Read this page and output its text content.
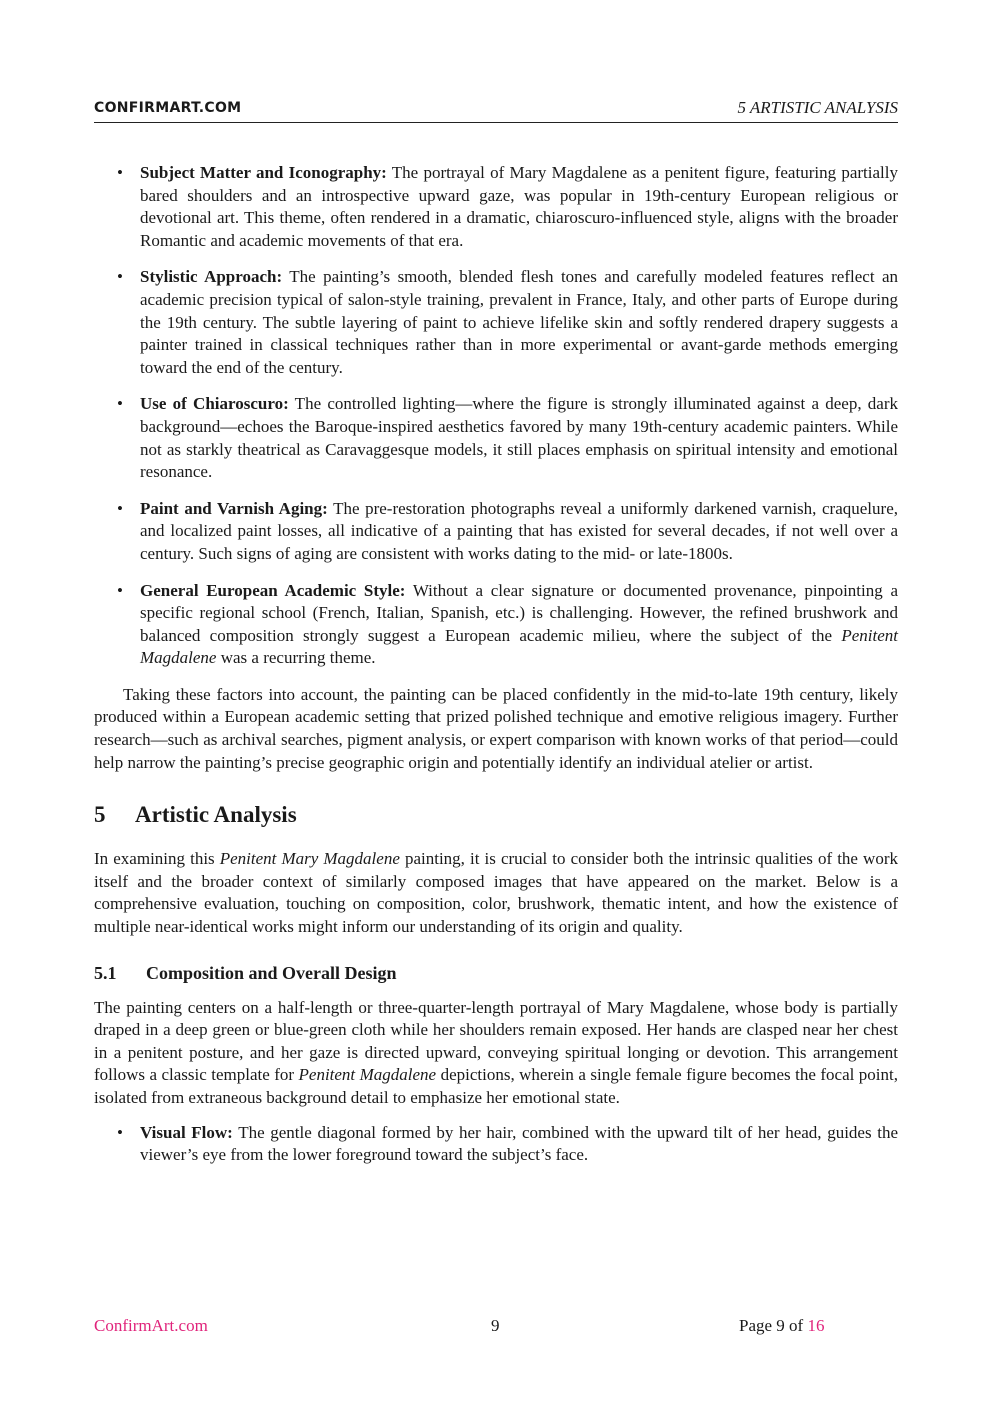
CONFIRMART.COM	5 ARTISTIC ANALYSIS
• Subject Matter and Iconography: The portrayal of Mary Magdalene as a penitent figure, featuring partially bared shoulders and an introspective upward gaze, was popular in 19th-century European religious or devotional art. This theme, often rendered in a dramatic, chiaroscuro-influenced style, aligns with the broader Romantic and academic movements of that era.
• Stylistic Approach: The painting’s smooth, blended flesh tones and carefully modeled features reflect an academic precision typical of salon-style training, prevalent in France, Italy, and other parts of Europe during the 19th century. The subtle layering of paint to achieve lifelike skin and softly rendered drapery suggests a painter trained in classical techniques rather than in more experimental or avant-garde methods emerging toward the end of the century.
• Use of Chiaroscuro: The controlled lighting—where the figure is strongly illuminated against a deep, dark background—echoes the Baroque-inspired aesthetics favored by many 19th-century academic painters. While not as starkly theatrical as Caravaggesque models, it still places emphasis on spiritual intensity and emotional resonance.
• Paint and Varnish Aging: The pre-restoration photographs reveal a uniformly darkened varnish, craquelure, and localized paint losses, all indicative of a painting that has existed for several decades, if not well over a century. Such signs of aging are consistent with works dating to the mid- or late-1800s.
• General European Academic Style: Without a clear signature or documented provenance, pinpointing a specific regional school (French, Italian, Spanish, etc.) is challenging. However, the refined brushwork and balanced composition strongly suggest a European academic milieu, where the subject of the Penitent Magdalene was a recurring theme.

Taking these factors into account, the painting can be placed confidently in the mid-to-late 19th century, likely produced within a European academic setting that prized polished technique and emotive religious imagery. Further research—such as archival searches, pigment analysis, or expert comparison with known works of that period—could help narrow the painting’s precise geographic origin and potentially identify an individual atelier or artist.

5 Artistic Analysis

In examining this Penitent Mary Magdalene painting, it is crucial to consider both the intrinsic qualities of the work itself and the broader context of similarly composed images that have appeared on the market. Below is a comprehensive evaluation, touching on composition, color, brushwork, thematic intent, and how the existence of multiple near-identical works might inform our understanding of its origin and quality.

5.1 Composition and Overall Design

The painting centers on a half-length or three-quarter-length portrayal of Mary Magdalene, whose body is partially draped in a deep green or blue-green cloth while her shoulders remain exposed. Her hands are clasped near her chest in a penitent posture, and her gaze is directed upward, conveying spiritual longing or devotion. This arrangement follows a classic template for Penitent Magdalene depictions, wherein a single female figure becomes the focal point, isolated from extraneous background detail to emphasize her emotional state.

• Visual Flow: The gentle diagonal formed by her hair, combined with the upward tilt of her head, guides the viewer’s eye from the lower foreground toward the subject’s face.
ConfirmArt.com	9	Page 9 of 16
